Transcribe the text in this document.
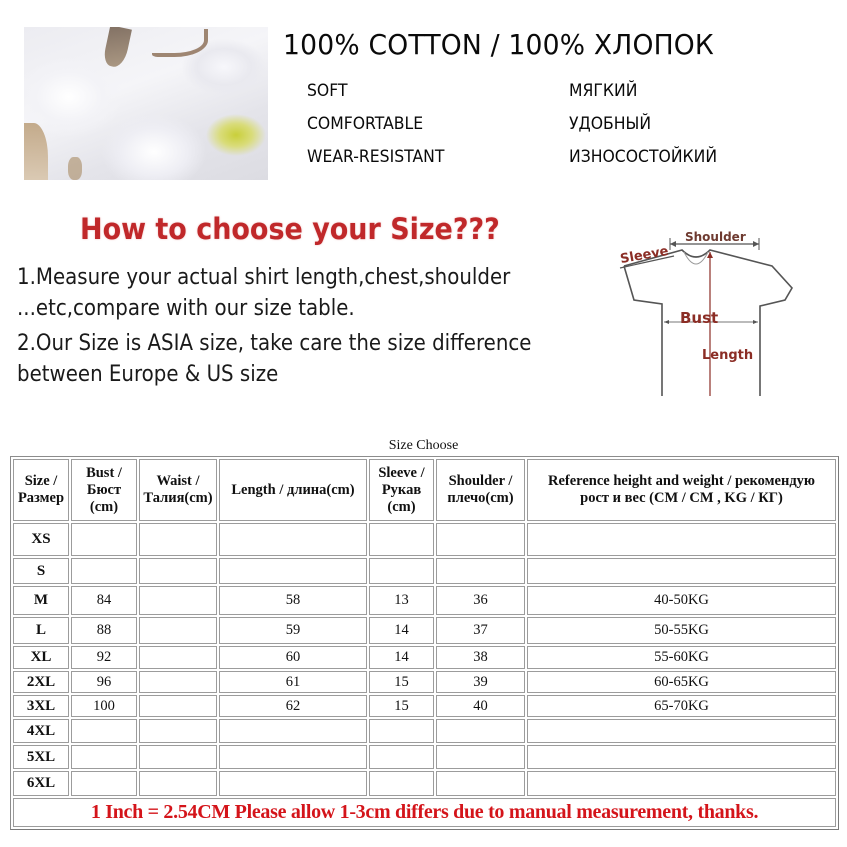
100% COTTON / 100% ХЛОПОК
SOFT
COMFORTABLE
WEAR-RESISTANT
МЯГКИЙ
УДОБНЫЙ
ИЗНОСОСТОЙКИЙ
How to choose your Size???
1.Measure your actual shirt length,chest,shoulder
...etc,compare with our size table.
2.Our Size is ASIA size, take care the size difference
between Europe & US size
Shoulder
Sleeve
Bust
Length
Size Choose
Size /
Размер	Bust /
Бюст
(cm)	Waist /
Талия(cm)	Length / длина(cm)	Sleeve /
Рукав
(cm)	Shoulder /
плечо(cm)	Reference height and weight / рекомендую
рост и вес (CM / CM , KG / КГ)
XS						
S						
M	84		58	13	36	40-50KG
L	88		59	14	37	50-55KG
XL	92		60	14	38	55-60KG
2XL	96		61	15	39	60-65KG
3XL	100		62	15	40	65-70KG
4XL						
5XL						
6XL						
1 Inch = 2.54CM Please allow 1-3cm differs due to manual measurement, thanks.						
